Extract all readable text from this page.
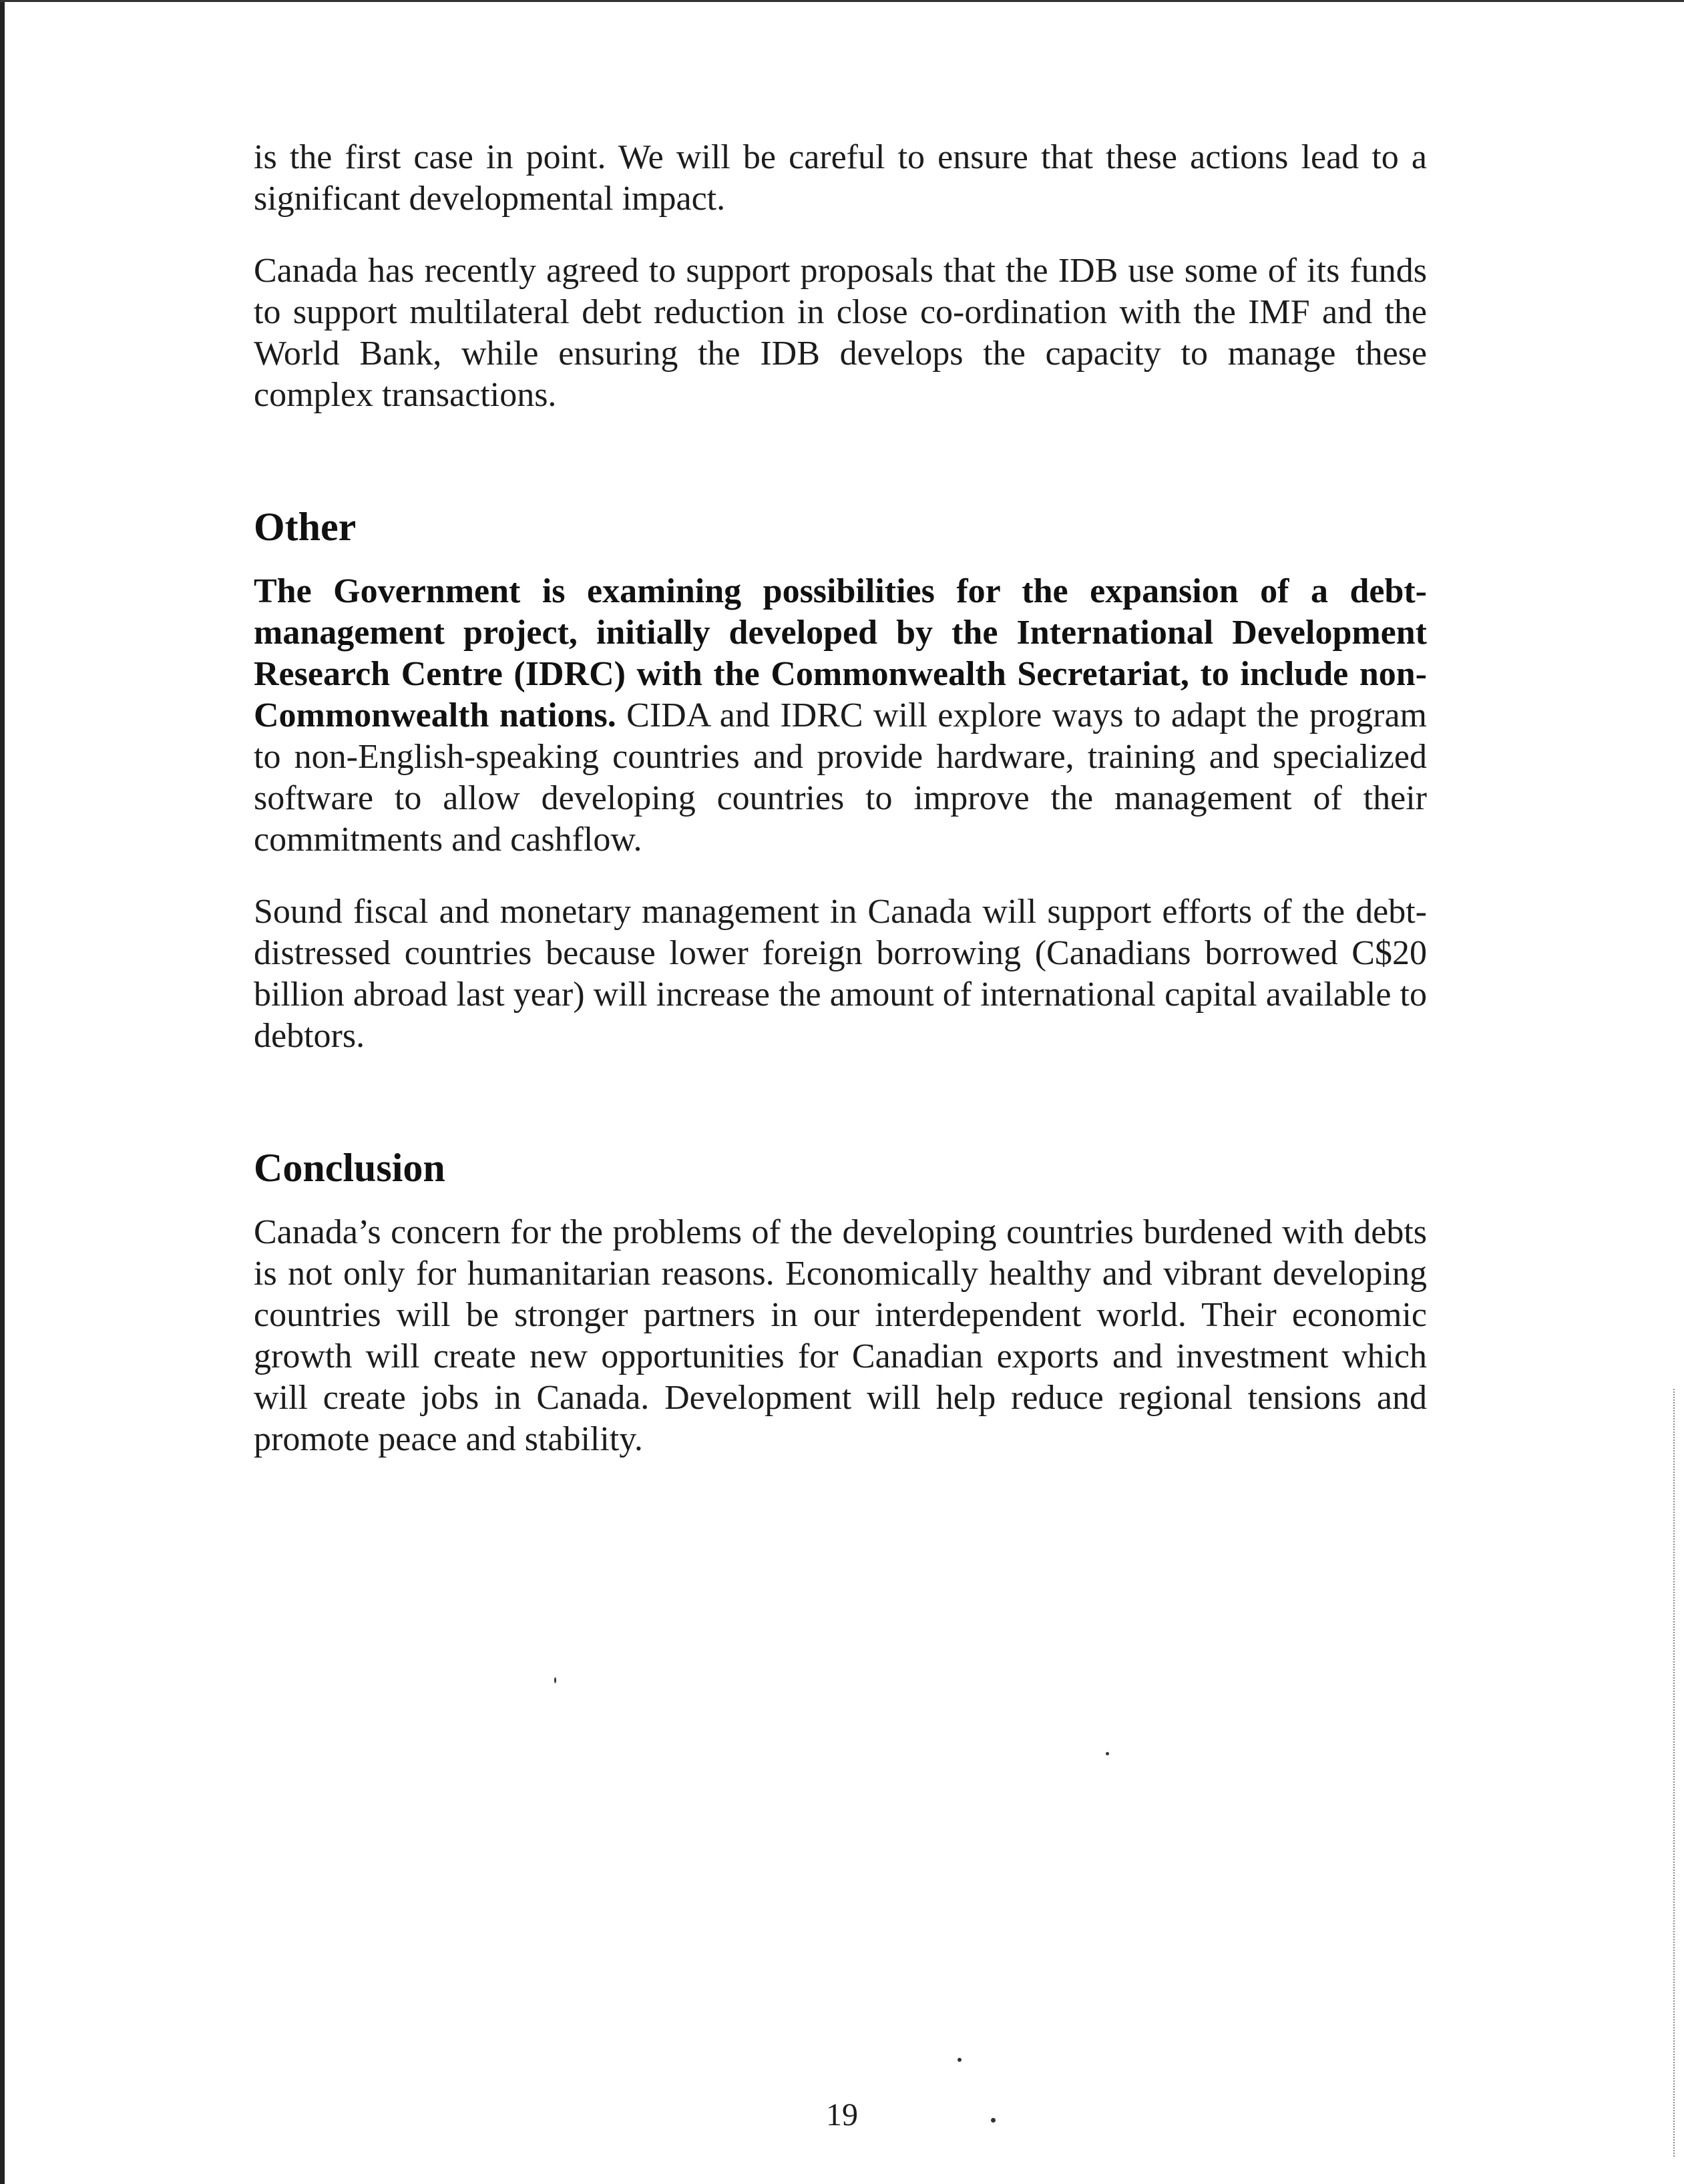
is the first case in point. We will be careful to ensure that these actions lead to a significant developmental impact.

Canada has recently agreed to support proposals that the IDB use some of its funds to support multilateral debt reduction in close co-ordination with the IMF and the World Bank, while ensuring the IDB develops the capacity to manage these complex transactions.

Other

The Government is examining possibilities for the expansion of a debt-management project, initially developed by the International Development Research Centre (IDRC) with the Commonwealth Secretariat, to include non-Commonwealth nations. CIDA and IDRC will explore ways to adapt the program to non-English-speaking countries and provide hardware, training and specialized software to allow developing countries to improve the management of their commitments and cashflow.

Sound fiscal and monetary management in Canada will support efforts of the debt-distressed countries because lower foreign borrowing (Canadians borrowed C$20 billion abroad last year) will increase the amount of international capital available to debtors.

Conclusion

Canada’s concern for the problems of the developing countries burdened with debts is not only for humanitarian reasons. Economically healthy and vibrant developing countries will be stronger partners in our interdependent world. Their economic growth will create new opportunities for Canadian exports and investment which will create jobs in Canada. Development will help reduce regional tensions and promote peace and stability.

19
